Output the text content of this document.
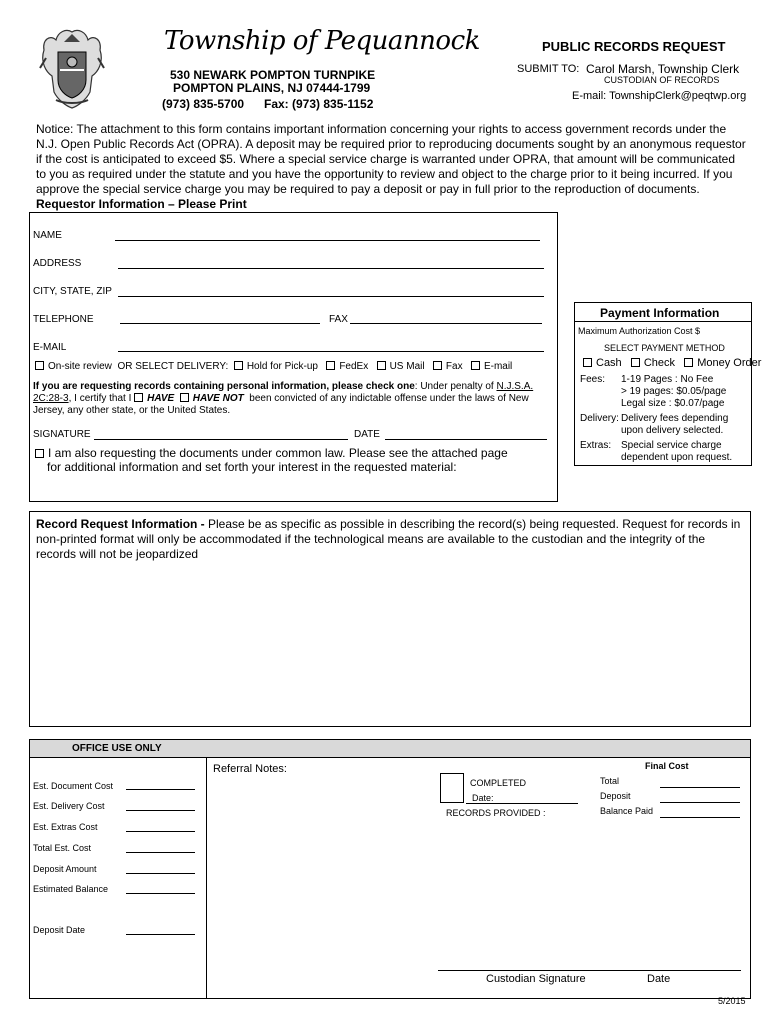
Township of Pequannock
530 NEWARK POMPTON TURNPIKE
POMPTON PLAINS, NJ 07444-1799
(973) 835-5700 Fax: (973) 835-1152
PUBLIC RECORDS REQUEST
SUBMIT TO: Carol Marsh, Township Clerk
CUSTODIAN OF RECORDS
E-mail: TownshipClerk@peqtwp.org
Notice: The attachment to this form contains important information concerning your rights to access government records under the N.J. Open Public Records Act (OPRA). A deposit may be required prior to reproducing documents sought by an anonymous requestor if the cost is anticipated to exceed $5. Where a special service charge is warranted under OPRA, that amount will be communicated to you as required under the statute and you have the opportunity to review and object to the charge prior to it being incurred. If you approve the special service charge you may be required to pay a deposit or pay in full prior to the reproduction of documents.
Requestor Information – Please Print
NAME
ADDRESS
CITY, STATE, ZIP
TELEPHONE	FAX
E-MAIL
On-site review OR SELECT DELIVERY: Hold for Pick-up FedEx US Mail Fax E-mail
If you are requesting records containing personal information, please check one: Under penalty of N.J.S.A. 2C:28-3, I certify that I HAVE HAVE NOT been convicted of any indictable offense under the laws of New Jersey, any other state, or the United States.
SIGNATURE	DATE
I am also requesting the documents under common law. Please see the attached page for additional information and set forth your interest in the requested material:
Payment Information
Maximum Authorization Cost $
SELECT PAYMENT METHOD
Cash Check Money Order
Fees: 1-19 Pages : No Fee
> 19 pages: $0.05/page
Legal size : $0.07/page
Delivery: Delivery fees depending
upon delivery selected.
Extras: Special service charge
dependent upon request.
Record Request Information - Please be as specific as possible in describing the record(s) being requested. Request for records in non-printed format will only be accommodated if the technological means are available to the custodian and the integrity of the records will not be jeopardized
OFFICE USE ONLY
Est. Document Cost
Est. Delivery Cost
Est. Extras Cost
Total Est. Cost
Deposit Amount
Estimated Balance
Deposit Date
Referral Notes:	Final Cost
COMPLETED
Date:
RECORDS PROVIDED :
Total
Deposit
Balance Paid
Custodian Signature	Date
5/2015
